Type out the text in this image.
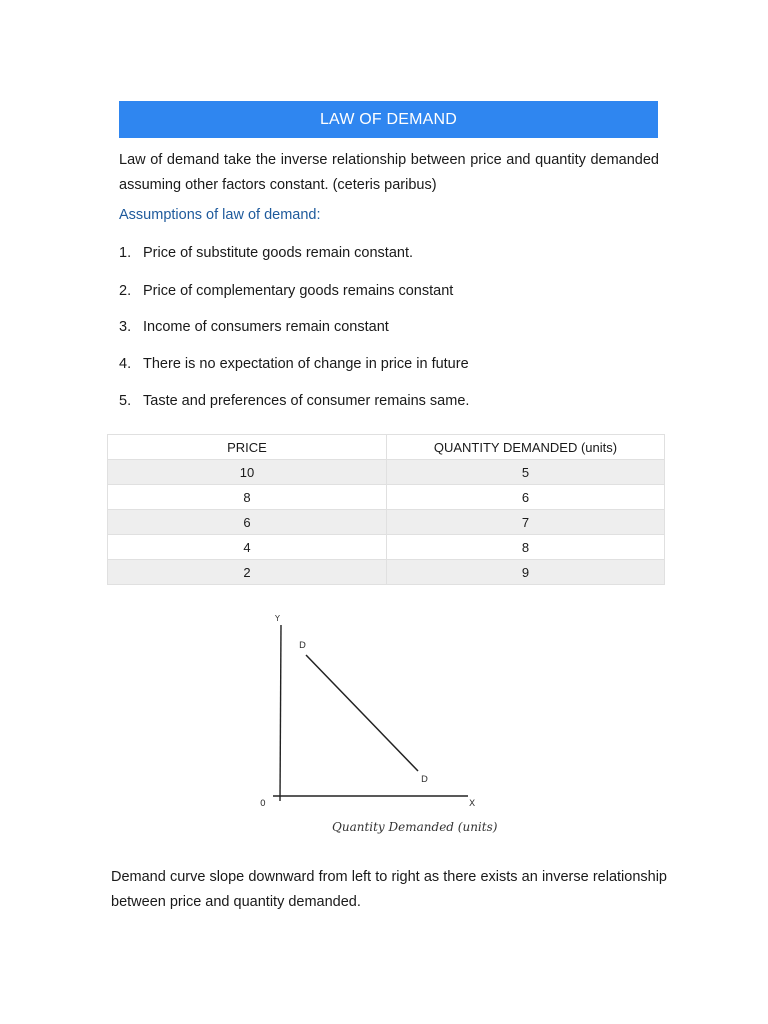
LAW OF DEMAND
Law of demand take the inverse relationship between price and quantity demanded assuming other factors constant. (ceteris paribus)
Assumptions of law of demand:
1. Price of substitute goods remain constant.
2. Price of complementary goods remains constant
3. Income of consumers remain constant
4. There is no expectation of change in price in future
5. Taste and preferences of consumer remains same.
PRICE	QUANTITY DEMANDED (units)
10	5
8	6
6	7
4	8
2	9
Y
0	X
D
D
Quantity Demanded (units)
Demand curve slope downward from left to right as there exists an inverse relationship between price and quantity demanded.
